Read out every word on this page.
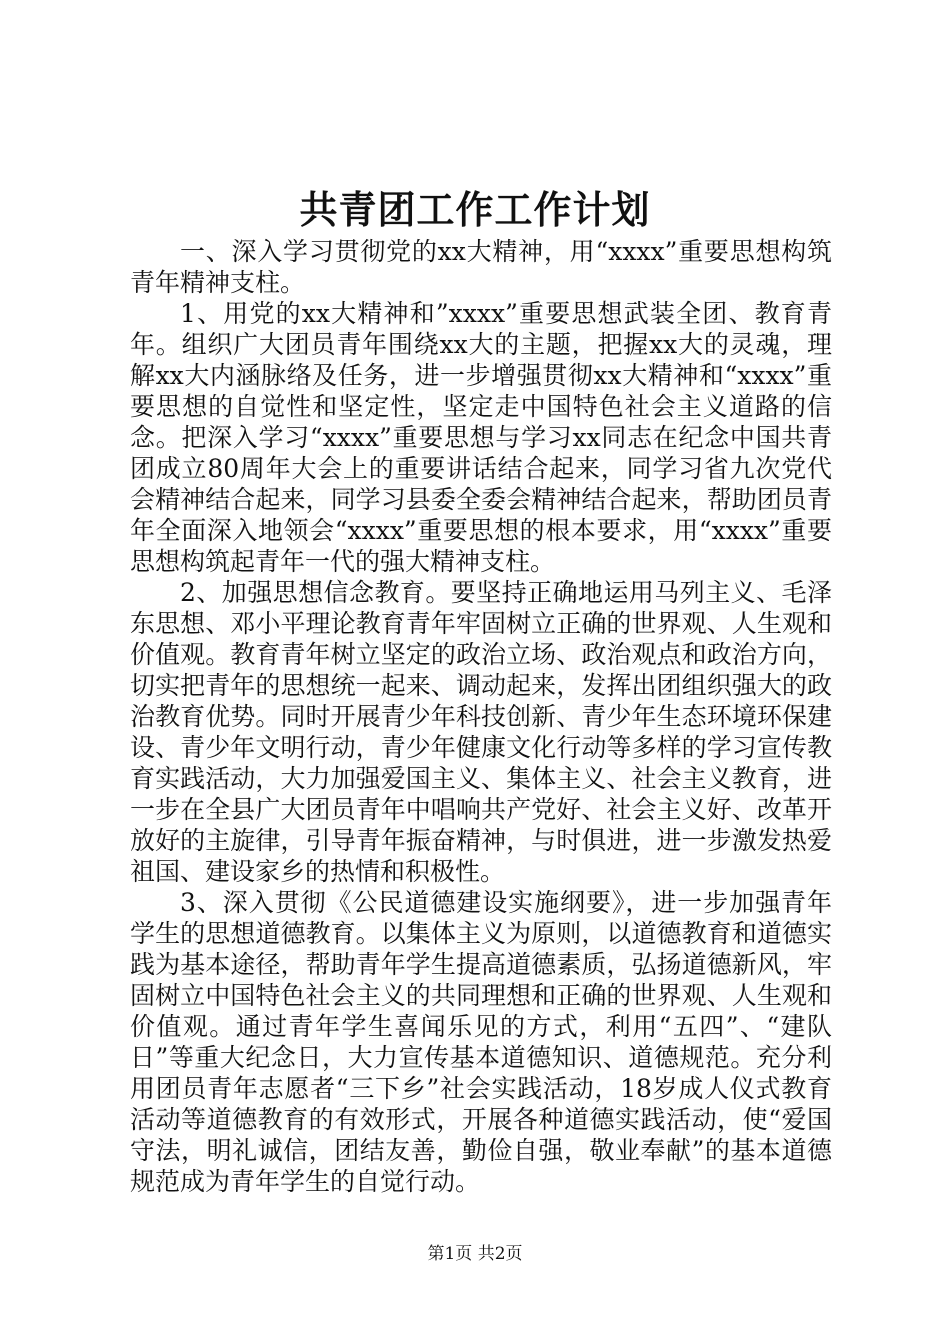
共青团工作工作计划

一、深入学习贯彻党的xx大精神，用“xxxx”重要思想构筑青年精神支柱。

1、用党的xx大精神和”xxxx”重要思想武装全团、教育青年。组织广大团员青年围绕xx大的主题，把握xx大的灵魂，理解xx大内涵脉络及任务，进一步增强贯彻xx大精神和“xxxx”重要思想的自觉性和坚定性，坚定走中国特色社会主义道路的信念。把深入学习“xxxx”重要思想与学习xx同志在纪念中国共青团成立80周年大会上的重要讲话结合起来，同学习省九次党代会精神结合起来，同学习县委全委会精神结合起来，帮助团员青年全面深入地领会“xxxx”重要思想的根本要求，用“xxxx”重要思想构筑起青年一代的强大精神支柱。

2、加强思想信念教育。要坚持正确地运用马列主义、毛泽东思想、邓小平理论教育青年牢固树立正确的世界观、人生观和价值观。教育青年树立坚定的政治立场、政治观点和政治方向，切实把青年的思想统一起来、调动起来，发挥出团组织强大的政治教育优势。同时开展青少年科技创新、青少年生态环境环保建设、青少年文明行动，青少年健康文化行动等多样的学习宣传教育实践活动，大力加强爱国主义、集体主义、社会主义教育，进一步在全县广大团员青年中唱响共产党好、社会主义好、改革开放好的主旋律，引导青年振奋精神，与时俱进，进一步激发热爱祖国、建设家乡的热情和积极性。

3、深入贯彻《公民道德建设实施纲要》，进一步加强青年学生的思想道德教育。以集体主义为原则，以道德教育和道德实践为基本途径，帮助青年学生提高道德素质，弘扬道德新风，牢固树立中国特色社会主义的共同理想和正确的世界观、人生观和价值观。通过青年学生喜闻乐见的方式，利用“五四”、“建队日”等重大纪念日，大力宣传基本道德知识、道德规范。充分利用团员青年志愿者“三下乡”社会实践活动，18岁成人仪式教育活动等道德教育的有效形式，开展各种道德实践活动，使“爱国守法，明礼诚信，团结友善，勤俭自强，敬业奉献”的基本道德规范成为青年学生的自觉行动。

第1页 共2页
